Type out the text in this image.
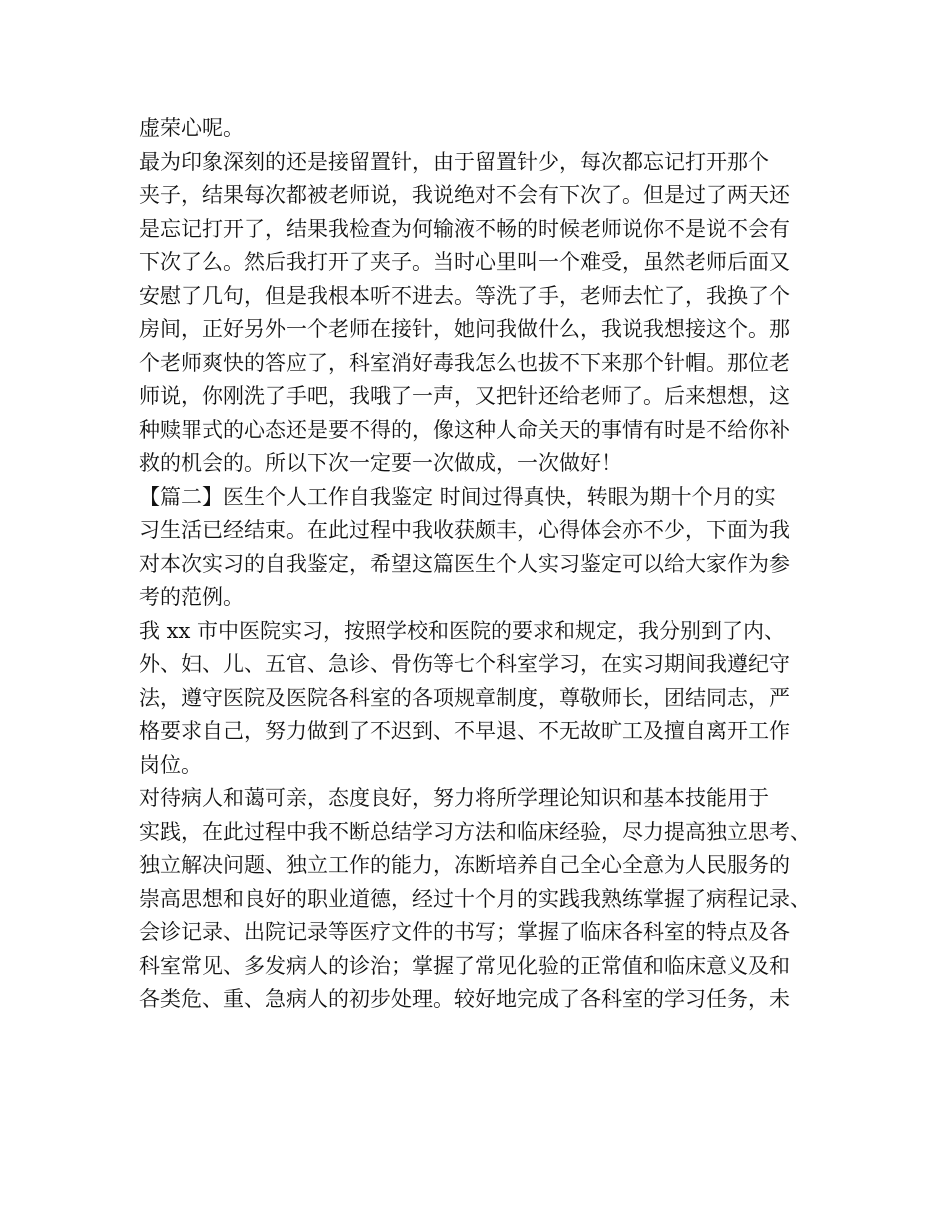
虚荣心呢。
最为印象深刻的还是接留置针，由于留置针少，每次都忘记打开那个
夹子，结果每次都被老师说，我说绝对不会有下次了。但是过了两天还
是忘记打开了，结果我检查为何输液不畅的时候老师说你不是说不会有
下次了么。然后我打开了夹子。当时心里叫一个难受，虽然老师后面又
安慰了几句，但是我根本听不进去。等洗了手，老师去忙了，我换了个
房间，正好另外一个老师在接针，她问我做什么，我说我想接这个。那
个老师爽快的答应了，科室消好毒我怎么也拔不下来那个针帽。那位老
师说，你刚洗了手吧，我哦了一声，又把针还给老师了。后来想想，这
种赎罪式的心态还是要不得的，像这种人命关天的事情有时是不给你补
救的机会的。所以下次一定要一次做成，一次做好！
【篇二】医生个人工作自我鉴定 时间过得真快，转眼为期十个月的实
习生活已经结束。在此过程中我收获颇丰，心得体会亦不少，下面为我
对本次实习的自我鉴定，希望这篇医生个人实习鉴定可以给大家作为参
考的范例。
我 xx 市中医院实习，按照学校和医院的要求和规定，我分别到了内、
外、妇、儿、五官、急诊、骨伤等七个科室学习，在实习期间我遵纪守
法，遵守医院及医院各科室的各项规章制度，尊敬师长，团结同志，严
格要求自己，努力做到了不迟到、不早退、不无故旷工及擅自离开工作
岗位。
对待病人和蔼可亲，态度良好，努力将所学理论知识和基本技能用于
实践，在此过程中我不断总结学习方法和临床经验，尽力提高独立思考、
独立解决问题、独立工作的能力，冻断培养自己全心全意为人民服务的
崇高思想和良好的职业道德，经过十个月的实践我熟练掌握了病程记录、
会诊记录、出院记录等医疗文件的书写；掌握了临床各科室的特点及各
科室常见、多发病人的诊治；掌握了常见化验的正常值和临床意义及和
各类危、重、急病人的初步处理。较好地完成了各科室的学习任务，未
